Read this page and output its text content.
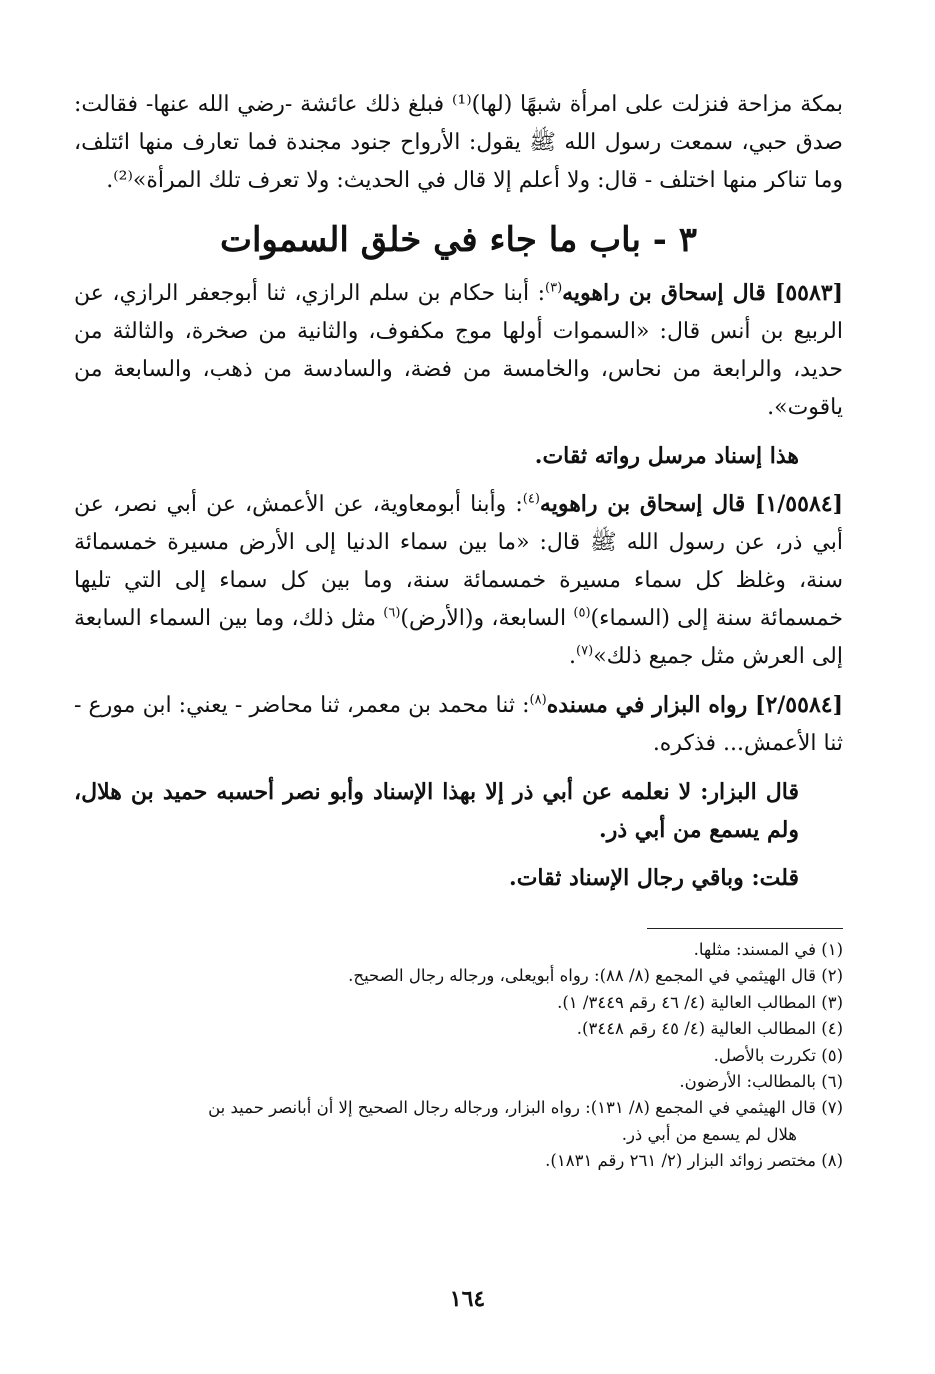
بمكة مزاحة فنزلت على امرأة شبهًا (لها)⁽¹⁾ فبلغ ذلك عائشة -رضي الله عنها- فقالت: صدق حبي، سمعت رسول الله ﷺ يقول: الأرواح جنود مجندة فما تعارف منها ائتلف، وما تناكر منها اختلف - قال: ولا أعلم إلا قال في الحديث: ولا تعرف تلك المرأة»⁽²⁾.

٣ - باب ما جاء في خلق السموات

[٥٥٨٣] قال إسحاق بن راهويه$^{(٣)}$: أبنا حكام بن سلم الرازي، ثنا أبوجعفر الرازي، عن الربيع بن أنس قال: «السموات أولها موج مكفوف، والثانية من صخرة، والثالثة من حديد، والرابعة من نحاس، والخامسة من فضة، والسادسة من ذهب، والسابعة من ياقوت».

هذا إسناد مرسل رواته ثقات.

[١/٥٥٨٤] قال إسحاق بن راهويه$^{(٤)}$: وأبنا أبومعاوية، عن الأعمش، عن أبي نصر، عن أبي ذر، عن رسول الله ﷺ قال: «ما بين سماء الدنيا إلى الأرض مسيرة خمسمائة سنة، وغلظ كل سماء مسيرة خمسمائة سنة، وما بين كل سماء إلى التي تليها خمسمائة سنة إلى (السماء)$^{(٥)}$ السابعة، و(الأرض)$^{(٦)}$ مثل ذلك، وما بين السماء السابعة إلى العرش مثل جميع ذلك»$^{(٧)}$.

[٢/٥٥٨٤] رواه البزار في مسنده$^{(٨)}$: ثنا محمد بن معمر، ثنا محاضر - يعني: ابن مورع - ثنا الأعمش... فذكره.

قال البزار: لا نعلمه عن أبي ذر إلا بهذا الإسناد وأبو نصر أحسبه حميد بن هلال، ولم يسمع من أبي ذر.

قلت: وباقي رجال الإسناد ثقات.

(١) في المسند: مثلها.
(٢) قال الهيثمي في المجمع (٨/ ٨٨): رواه أبويعلى، ورجاله رجال الصحيح.
(٣) المطالب العالية (٤/ ٤٦ رقم ٣٤٤٩/ ١).
(٤) المطالب العالية (٤/ ٤٥ رقم ٣٤٤٨).
(٥) تكررت بالأصل.
(٦) بالمطالب: الأرضون.
(٧) قال الهيثمي في المجمع (٨/ ١٣١): رواه البزار، ورجاله رجال الصحيح إلا أن أبانصر حميد بن
هلال لم يسمع من أبي ذر.
(٨) مختصر زوائد البزار (٢/ ٢٦١ رقم ١٨٣١).
١٦٤
